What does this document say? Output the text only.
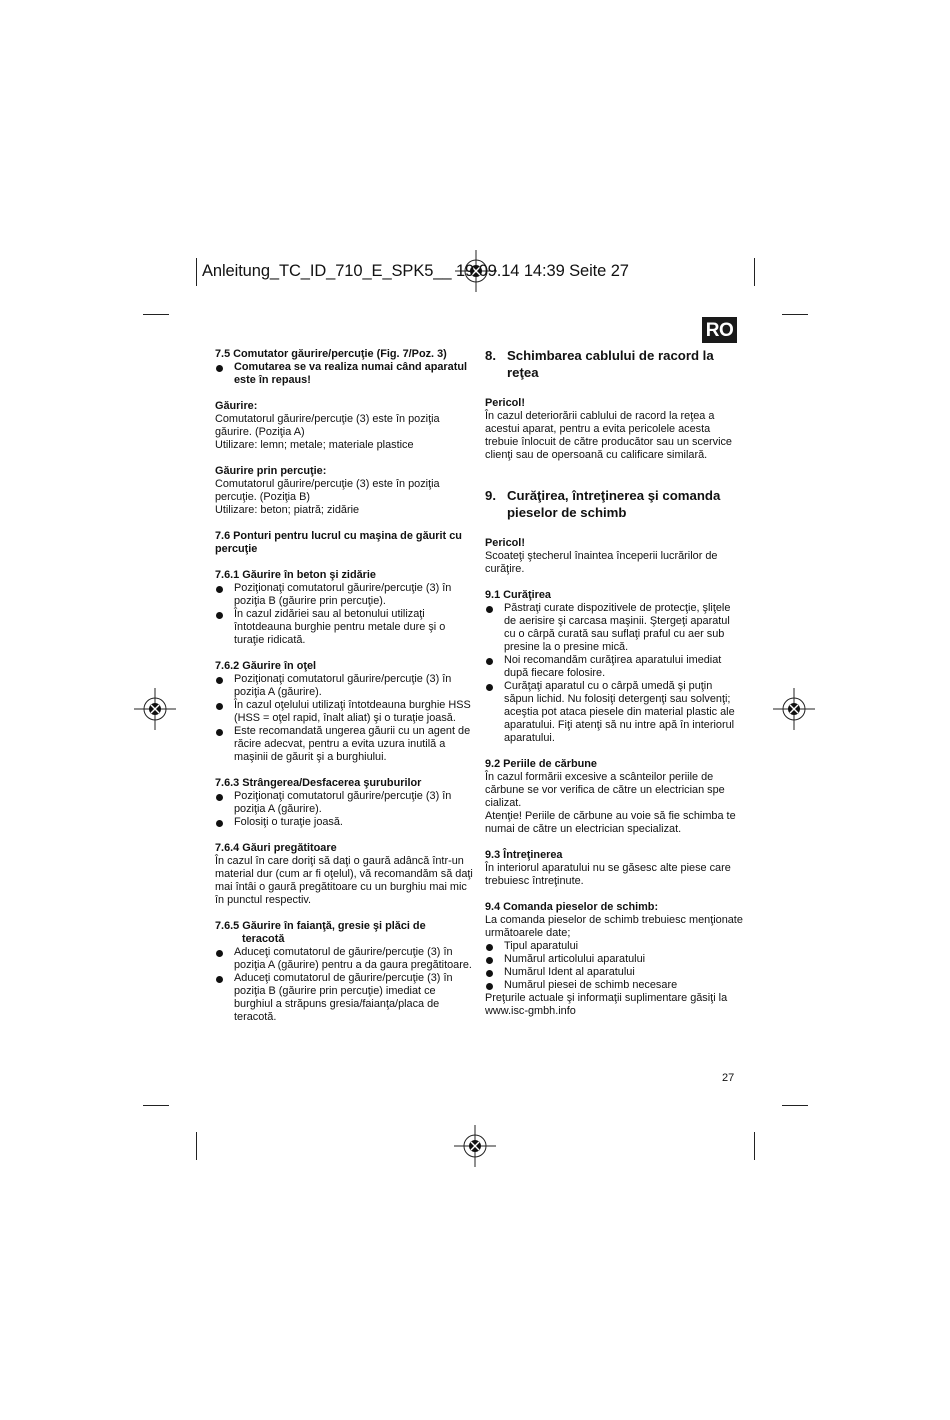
Anleitung_TC_ID_710_E_SPK5__ 19.09.14 14:39 Seite 27
RO

7.5 Comutator găurire/percuţie (Fig. 7/Poz. 3)

Comutarea se va realiza numai când aparatul este în repaus!

Găurire:

Comutatorul găurire/percuţie (3) este în poziţia găurire. (Poziţia A)

Utilizare: lemn; metale; materiale plastice

Găurire prin percuţie:

Comutatorul găurire/percuţie (3) este în poziţia percuţie. (Poziţia B)

Utilizare: beton; piatră; zidărie

7.6 Ponturi pentru lucrul cu maşina de găurit cu percuţie

7.6.1 Găurire în beton şi zidărie

Poziţionaţi comutatorul găurire/percuţie (3) în poziţia B (găurire prin percuţie).
În cazul zidăriei sau al betonului utilizaţi întotdeauna burghie pentru metale dure şi o turaţie ridicată.

7.6.2 Găurire în oţel

Poziţionaţi comutatorul găurire/percuţie (3) în poziţia A (găurire).
În cazul oţelului utilizaţi întotdeauna burghie HSS (HSS = oţel rapid, înalt aliat) şi o turaţie joasă.
Este recomandată ungerea găurii cu un agent de răcire adecvat, pentru a evita uzura inutilă a maşinii de găurit şi a burghiului.

7.6.3 Strângerea/Desfacerea şuruburilor

Poziţionaţi comutatorul găurire/percuţie (3) în poziţia A (găurire).
Folosiţi o turaţie joasă.

7.6.4 Găuri pregătitoare

În cazul în care doriţi să daţi o gaură adâncă într-un material dur (cum ar fi oţelul), vă recomandăm să daţi mai întâi o gaură pregătitoare cu un burghiu mai mic în punctul respectiv.

7.6.5 Găurire în faianţă, gresie şi plăci de

teracotă

Aduceţi comutatorul de găurire/percuţie (3) în poziţia A (găurire) pentru a da gaura pregătitoare.
Aduceţi comutatorul de găurire/percuţie (3) în poziţia B (găurire prin percuţie) imediat ce burghiul a străpuns gresia/faianţa/placa de teracotă.
8. Schimbarea cablului de racord la
reţea

Pericol!

În cazul deteriorării cablului de racord la reţea a acestui aparat, pentru a evita pericolele acesta trebuie înlocuit de către producător sau un scervice clienţi sau de opersoană cu calificare similară.

9. Curăţirea, întreţinerea şi comanda
pieselor de schimb

Pericol!

Scoateţi ştecherul înaintea începerii lucrărilor de curăţire.

9.1 Curăţirea

Păstraţi curate dispozitivele de protecţie, şliţele de aerisire şi carcasa maşinii. Ştergeţi aparatul cu o cârpă curată sau suflaţi praful cu aer sub presine la o presine mică.
Noi recomandăm curăţirea aparatului imediat după fiecare folosire.
Curăţaţi aparatul cu o cârpă umedă şi puţin săpun lichid. Nu folosiţi detergenţi sau solvenţi; aceştia pot ataca piesele din material plastic ale aparatului. Fiţi atenţi să nu intre apă în interiorul aparatului.

9.2 Periile de cărbune

În cazul formării excesive a scânteilor periile de cărbune se vor verifica de către un electrician spe cializat.

Atenţie! Periile de cărbune au voie să fie schimba te numai de către un electrician specializat.

9.3 Întreţinerea

În interiorul aparatului nu se găsesc alte piese care trebuiesc întreţinute.

9.4 Comanda pieselor de schimb:

La comanda pieselor de schimb trebuiesc menţionate următoarele date;

Tipul aparatului
Numărul articolului aparatului
Numărul Ident al aparatului
Numărul piesei de schimb necesare

Preţurile actuale şi informaţii suplimentare găsiţi la www.isc-gmbh.info

27
